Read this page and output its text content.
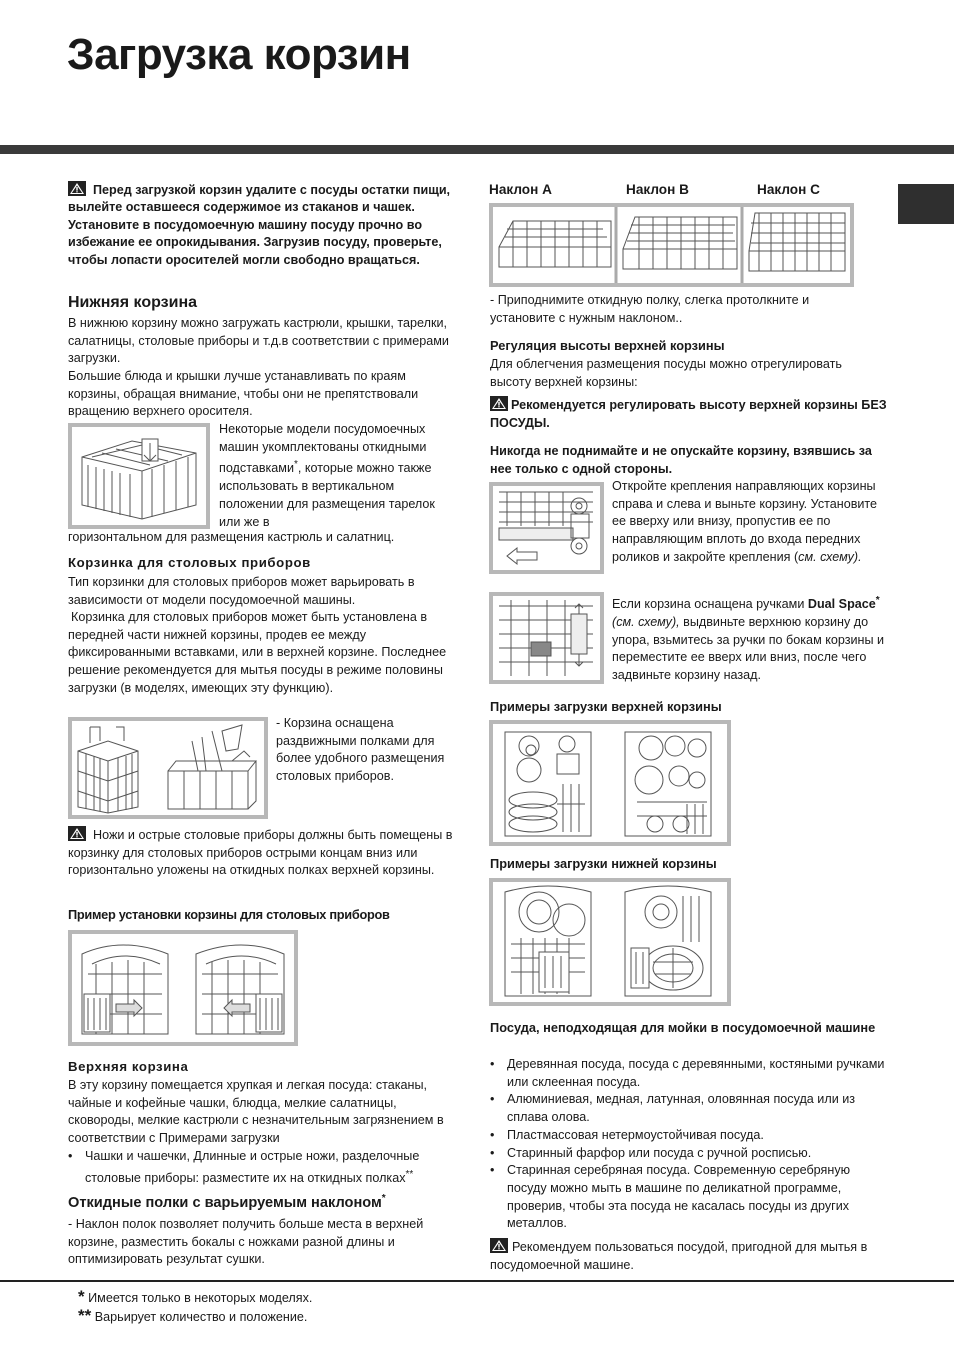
Загрузка корзин

Перед загрузкой корзин удалите с посуды остатки пищи, вылейте оставшееся содержимое из стаканов и чашек. Установите в посудомоечную машину посуду прочно во избежание ее опрокидывания. Загрузив посуду, проверьте, чтобы лопасти оросителей могли свободно вращаться.

Нижняя корзина

В нижнюю корзину можно загружать кастрюли, крышки, тарелки, салатницы, столовые приборы и т.д.в соответствии с примерами загрузки.

Большие блюда и крышки лучше устанавливать по краям корзины, обращая внимание, чтобы они не препятствовали вращению верхнего оросителя.

Некоторые модели посудомоечных машин укомплектованы откидными подставками*, которые можно также использовать в вертикальном положении для размещения тарелок или же в

горизонтальном для размещения кастрюль и салатниц.

Корзинка для столовых приборов

Тип корзинки для столовых приборов может варьировать в зависимости от модели посудомоечной машины.

Корзинка для столовых приборов может быть установлена в передней части нижней корзины, продев ее между фиксированными вставками, или в верхней корзине. Последнее решение рекомендуется для мытья посуды в режиме половины загрузки (в моделях, имеющих эту функцию).

- Корзина оснащена раздвижными полками для более удобного размещения столовых приборов.

Ножи и острые столовые приборы должны быть помещены в корзинку для столовых приборов острыми концам вниз или горизонтально уложены на откидных полках верхней корзины.

Пример установки корзины для столовых приборов

Верхняя корзина

В эту корзину помещается хрупкая и легкая посуда: стаканы, чайные и кофейные чашки, блюдца, мелкие салатницы, сковороды, мелкие кастрюли с незначительным загрязнением в соответствии с Примерами загрузки

• Чашки и чашечки, Длинные и острые ножи, разделочные столовые приборы: разместите их на откидных полках**

Откидные полки с варьируемым наклоном*

- Наклон полок позволяет получить больше места в верхней корзине, разместить бокалы с ножками разной длины и оптимизировать результат сушки.

Наклон A	Наклон B	Наклон C

- Приподнимите откидную полку, слегка протолкните и установите с нужным наклоном..

Регуляция высоты верхней корзины

Для облегчения размещения посуды можно отрегулировать высоту верхней корзины:

Рекомендуется регулировать высоту верхней корзины БЕЗ ПОСУДЫ.

Никогда не поднимайте и не опускайте корзину, взявшись за нее только с одной стороны.

Откройте крепления направляющих корзины справа и слева и выньте корзину. Установите ее вверху или внизу, пропустив ее по направляющим вплоть до входа передних роликов и закройте крепления (см. схему).

Если корзина оснащена ручками Dual Space* (см. схему), выдвиньте верхнюю корзину до упора, взьмитесь за ручки по бокам корзины и переместите ее вверх или вниз, после чего задвиньте корзину назад.

Примеры загрузки верхней корзины

Примеры загрузки нижней корзины

Посуда, неподходящая для мойки в посудомоечной машине

• Деревянная посуда, посуда с деревянными, костяными ручками или склеенная посуда.
• Алюминиевая, медная, латунная, оловянная посуда или из сплава олова.
• Пластмассовая нетермоустойчивая посуда.
• Старинный фарфор или посуда с ручной росписью.
• Старинная серебряная посуда. Современную серебряную посуду можно мыть в машине по деликатной программе, проверив, чтобы эта посуда не касалась посуды из других металлов.

Рекомендуем пользоваться посудой, пригодной для мытья в посудомоечной машине.

* Имеется только в некоторых моделях.

** Варьирует количество и положение.
